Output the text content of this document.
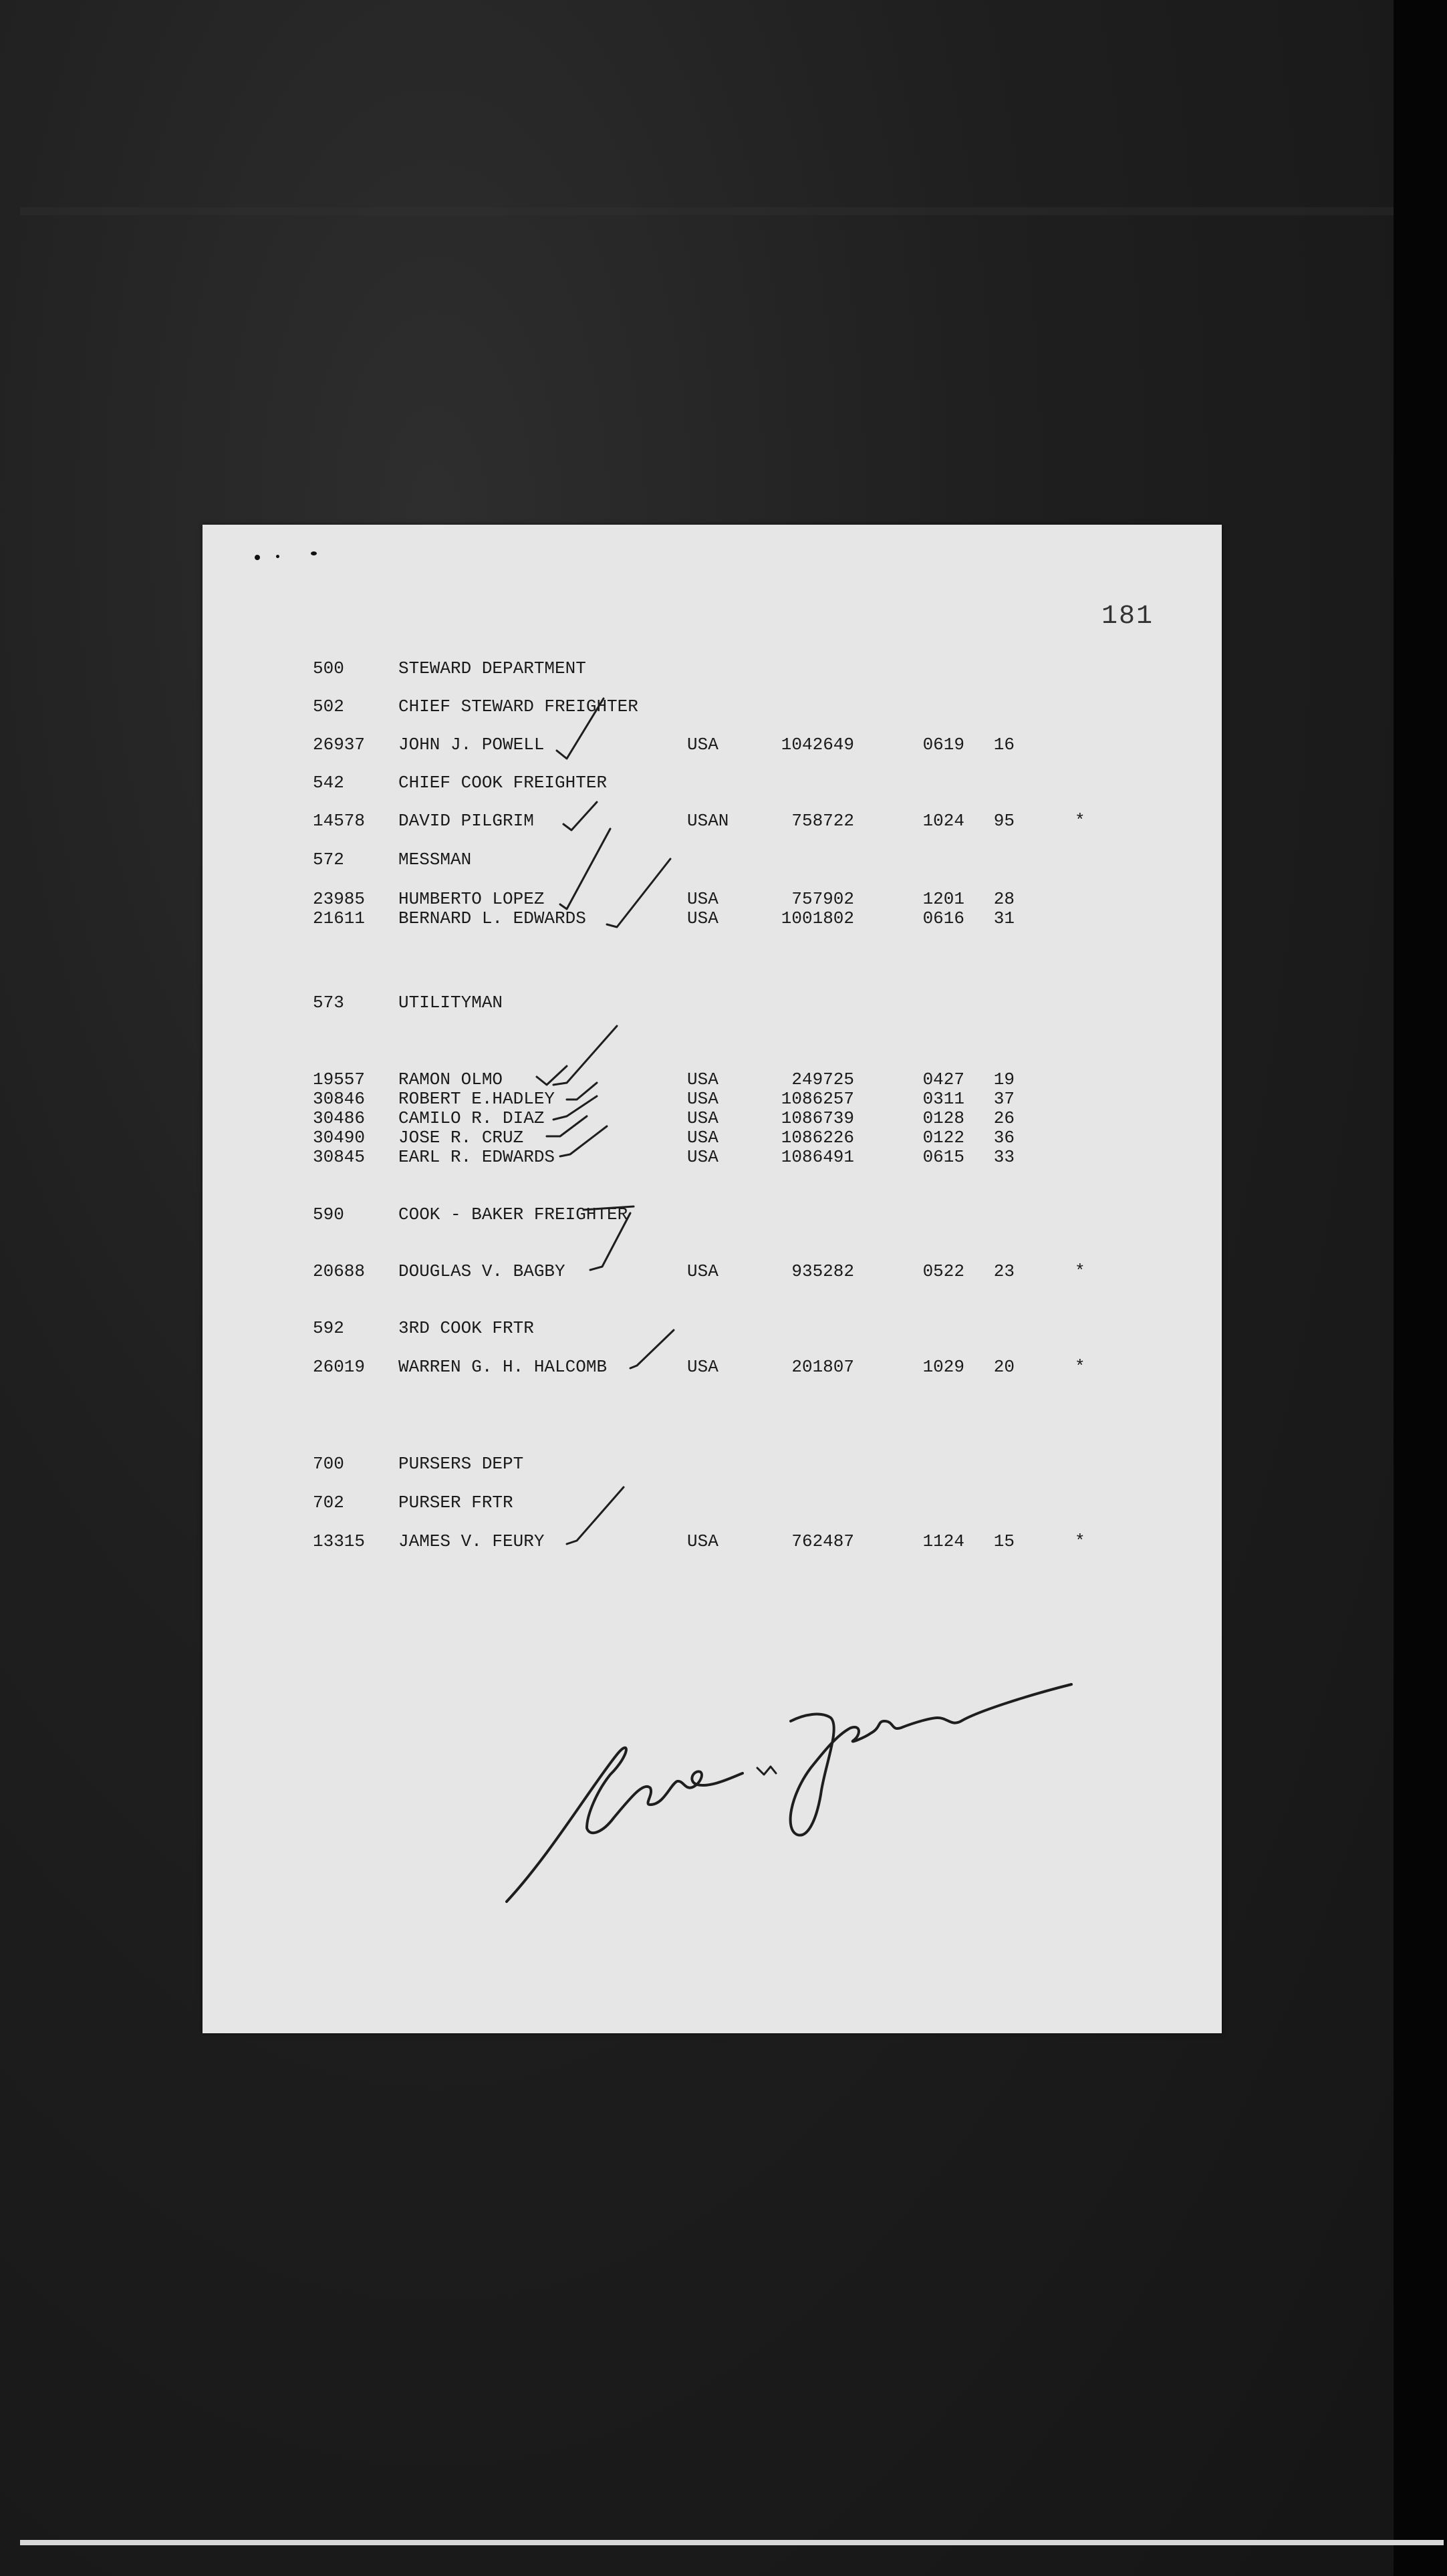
181
500	STEWARD DEPARTMENT
502	CHIEF STEWARD FREIGHTER
26937 JOHN J. POWELL	USA	1042649	0619	16
542	CHIEF COOK FREIGHTER
14578 DAVID PILGRIM	USAN	758722	1024	95	*
572	MESSMAN
23985 HUMBERTO LOPEZ	USA	757902	1201	28
21611 BERNARD L. EDWARDS	USA	1001802	0616	31
573	UTILITYMAN
19557 RAMON OLMO	USA	249725	0427	19
30846 ROBERT E.HADLEY	USA	1086257	0311	37
30486 CAMILO R. DIAZ	USA	1086739	0128	26
30490 JOSE R. CRUZ	USA	1086226	0122	36
30845 EARL R. EDWARDS	USA	1086491	0615	33
590	COOK - BAKER FREIGHTER
20688 DOUGLAS V. BAGBY	USA	935282	0522	23	*
592	3RD COOK FRTR
26019 WARREN G. H. HALCOMB	USA	201807	1029	20	*
700	PURSERS DEPT
702	PURSER FRTR
13315 JAMES V. FEURY	USA	762487	1124	15	*
